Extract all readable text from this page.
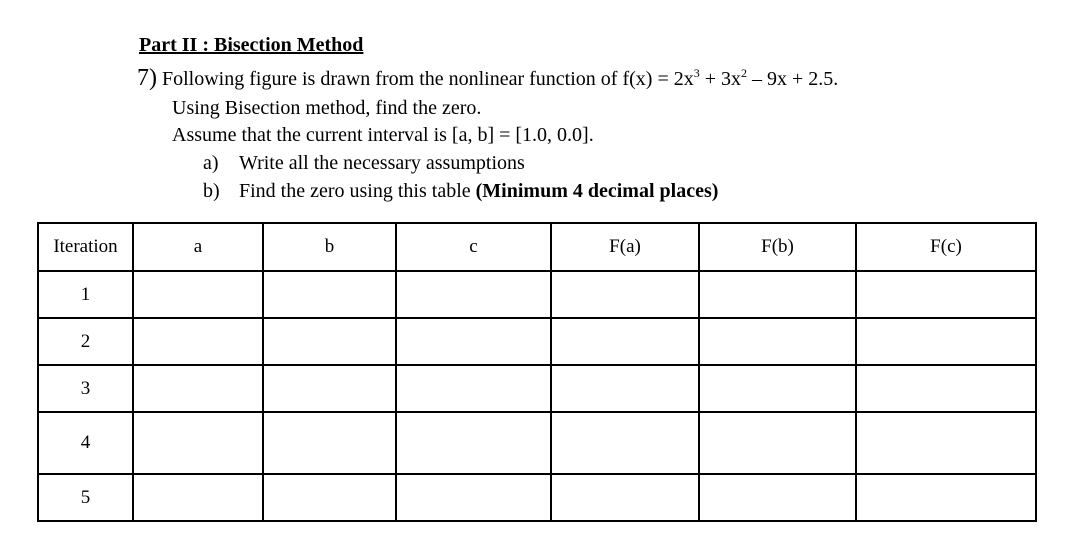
Part II : Bisection Method
7) Following figure is drawn from the nonlinear function of $f(x) = 2x^3 + 3x^2 - 9x + 2.5$.
Using Bisection method, find the zero.
Assume that the current interval is [a, b] = [1.0, 0.0].
a) Write all the necessary assumptions
b) Find the zero using this table (Minimum 4 decimal places)
Iteration	a	b	c	F(a)	F(b)	F(c)
1						
2						
3						
4						
5						
